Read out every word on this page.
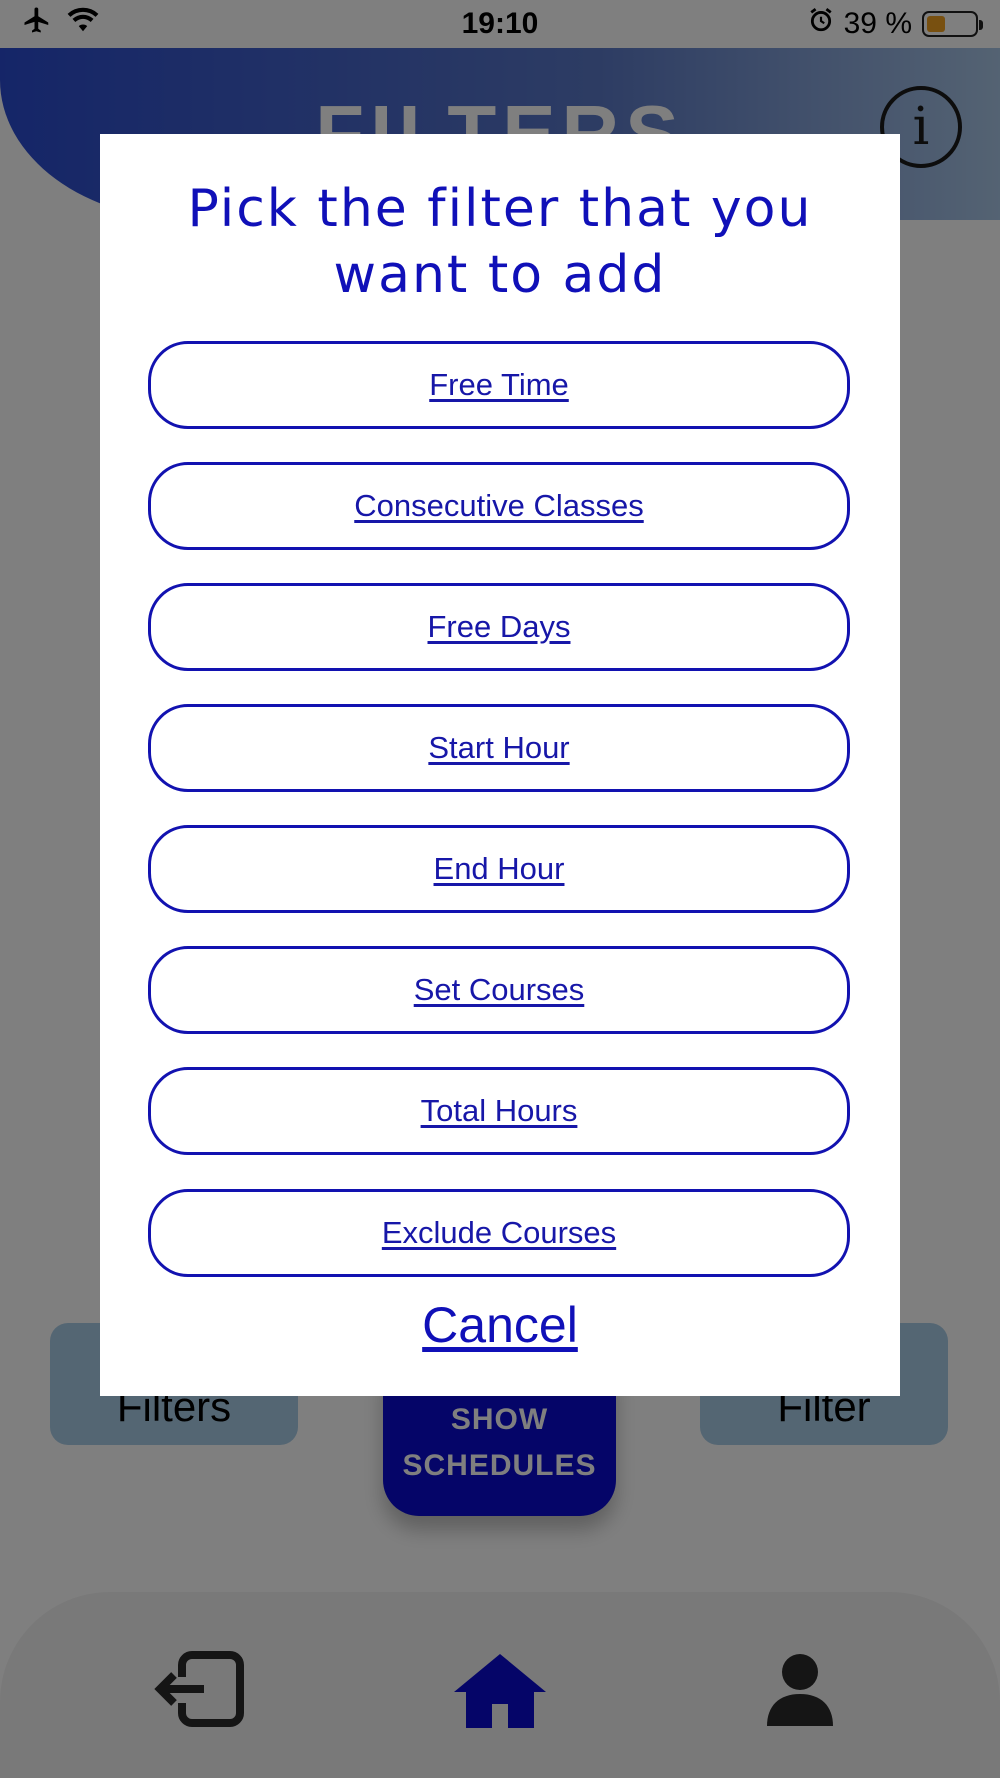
Pick the filter that you want to add
Free Time
Consecutive Classes
Free Days
Start Hour
End Hour
Set Courses
Total Hours
Exclude Courses
Cancel
